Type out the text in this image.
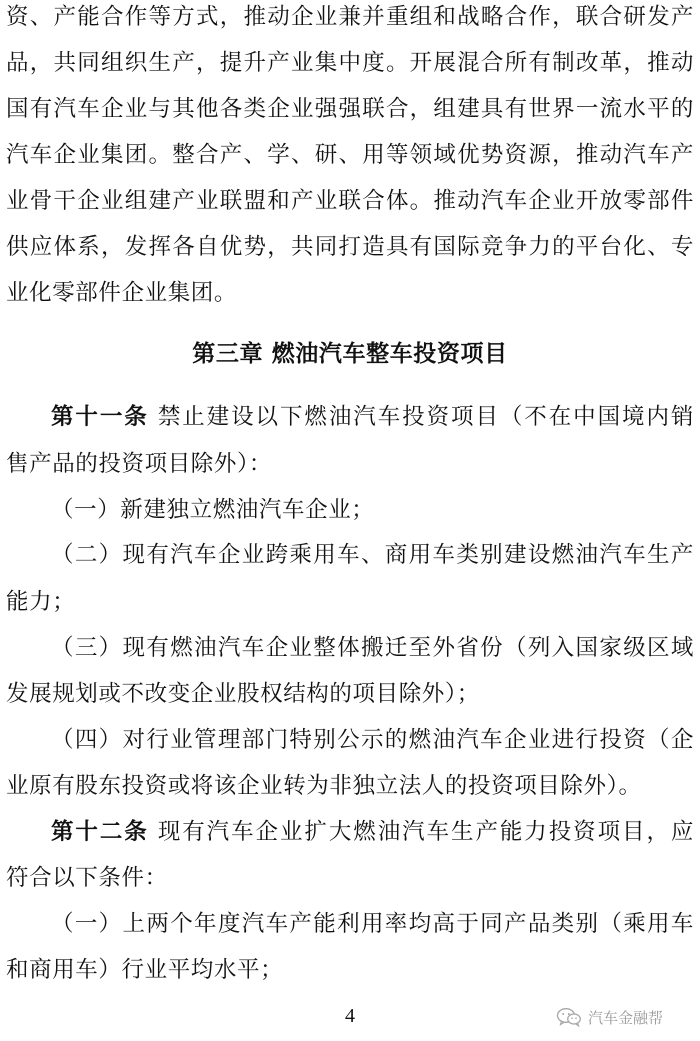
资、产能合作等方式，推动企业兼并重组和战略合作，联合研发产
品，共同组织生产，提升产业集中度。开展混合所有制改革，推动
国有汽车企业与其他各类企业强强联合，组建具有世界一流水平的
汽车企业集团。整合产、学、研、用等领域优势资源，推动汽车产
业骨干企业组建产业联盟和产业联合体。推动汽车企业开放零部件
供应体系，发挥各自优势，共同打造具有国际竞争力的平台化、专
业化零部件企业集团。
第三章 燃油汽车整车投资项目
第十一条 禁止建设以下燃油汽车投资项目（不在中国境内销
售产品的投资项目除外）：
（一）新建独立燃油汽车企业；
（二）现有汽车企业跨乘用车、商用车类别建设燃油汽车生产
能力；
（三）现有燃油汽车企业整体搬迁至外省份（列入国家级区域
发展规划或不改变企业股权结构的项目除外）；
（四）对行业管理部门特别公示的燃油汽车企业进行投资（企
业原有股东投资或将该企业转为非独立法人的投资项目除外）。
第十二条 现有汽车企业扩大燃油汽车生产能力投资项目，应
符合以下条件：
（一）上两个年度汽车产能利用率均高于同产品类别（乘用车
和商用车）行业平均水平；
4	汽车金融帮
